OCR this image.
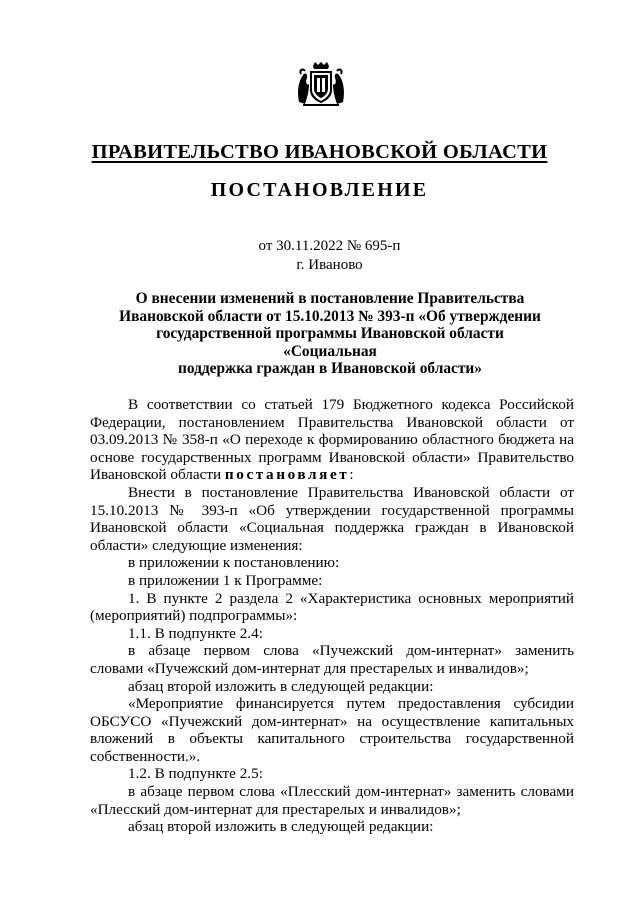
ПРАВИТЕЛЬСТВО ИВАНОВСКОЙ ОБЛАСТИ
ПОСТАНОВЛЕНИЕ
от 30.11.2022 № 695-п
г. Иваново
О внесении изменений в постановление Правительства
Ивановской области от 15.10.2013 № 393-п «Об утверждении
государственной программы Ивановской области «Социальная
поддержка граждан в Ивановской области»

В соответствии со статьей 179 Бюджетного кодекса Российской Федерации, постановлением Правительства Ивановской области от 03.09.2013 № 358-п «О переходе к формированию областного бюджета на основе государственных программ Ивановской области» Правительство Ивановской области постановляет:

Внести в постановление Правительства Ивановской области от 15.10.2013 № 393-п «Об утверждении государственной программы Ивановской области «Социальная поддержка граждан в Ивановской области» следующие изменения:

в приложении к постановлению:

в приложении 1 к Программе:

1. В пункте 2 раздела 2 «Характеристика основных мероприятий (мероприятий) подпрограммы»:

1.1. В подпункте 2.4:

в абзаце первом слова «Пучежский дом-интернат» заменить словами «Пучежский дом-интернат для престарелых и инвалидов»;

абзац второй изложить в следующей редакции:

«Мероприятие финансируется путем предоставления субсидии ОБСУСО «Пучежский дом-интернат» на осуществление капитальных вложений в объекты капитального строительства государственной собственности.».

1.2. В подпункте 2.5:

в абзаце первом слова «Плесский дом-интернат» заменить словами «Плесский дом-интернат для престарелых и инвалидов»;

абзац второй изложить в следующей редакции:
